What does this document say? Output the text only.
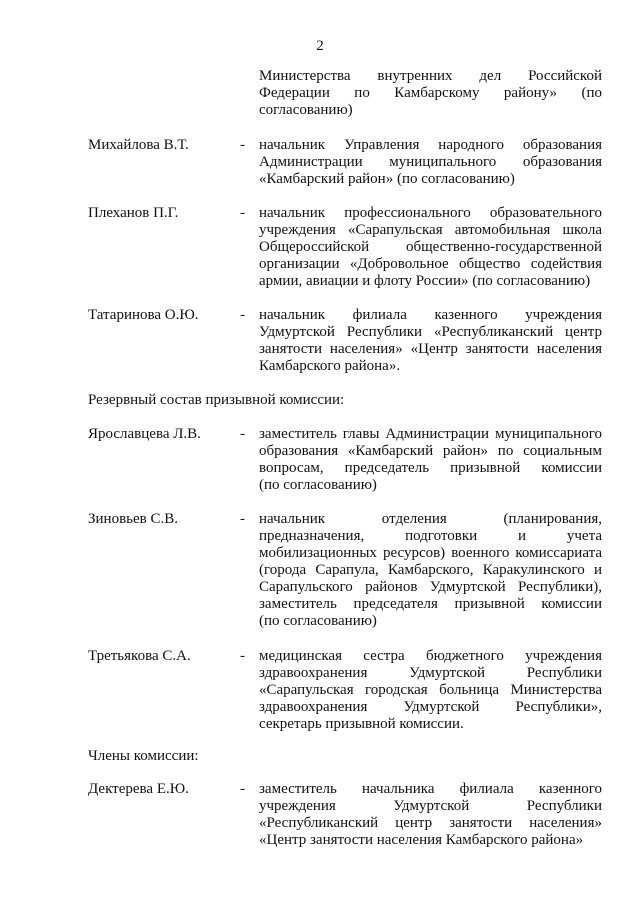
2
Министерства внутренних дел Российской
Федерации по Камбарскому району» (по
согласованию)
Михайлова В.Т.	- начальник Управления народного образования
Администрации муниципального образования
«Камбарский район» (по согласованию)
Плеханов П.Г.	- начальник профессионального образовательного
учреждения «Сарапульская автомобильная школа
Общероссийской общественно-государственной
организации «Добровольное общество содействия
армии, авиации и флоту России» (по согласованию)
Татаринова О.Ю.	- начальник филиала казенного учреждения
Удмуртской Республики «Республиканский центр
занятости населения» «Центр занятости населения
Камбарского района».
Резервный состав призывной комиссии:
Ярославцева Л.В.	- заместитель главы Администрации муниципального
образования «Камбарский район» по социальным
вопросам, председатель призывной комиссии
(по согласованию)
Зиновьев С.В.	- начальник отделения (планирования,
предназначения, подготовки и учета
мобилизационных ресурсов) военного комиссариата
(города Сарапула, Камбарского, Каракулинского и
Сарапульского районов Удмуртской Республики),
заместитель председателя призывной комиссии
(по согласованию)
Третьякова С.А.	- медицинская сестра бюджетного учреждения
здравоохранения Удмуртской Республики
«Сарапульская городская больница Министерства
здравоохранения Удмуртской Республики»,
секретарь призывной комиссии.
Члены комиссии:
Дектерева Е.Ю.	- заместитель начальника филиала казенного
учреждения Удмуртской Республики
«Республиканский центр занятости населения»
«Центр занятости населения Камбарского района»
